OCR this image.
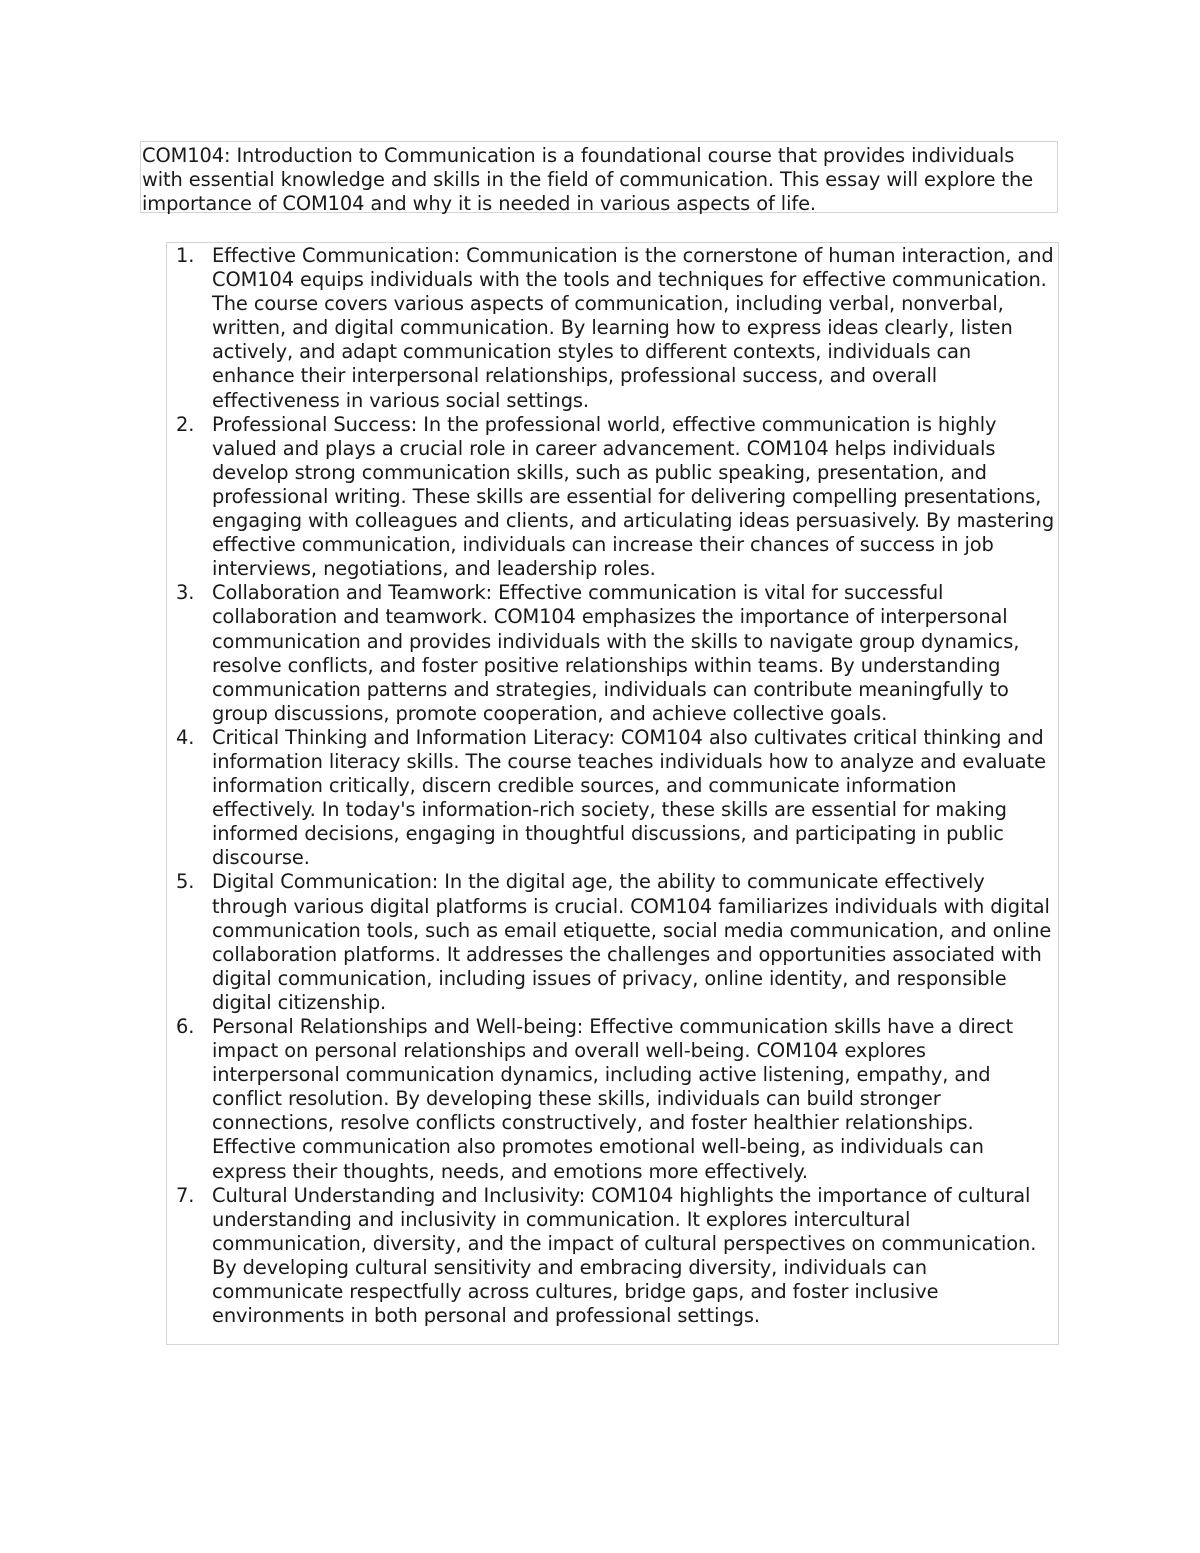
COM104: Introduction to Communication is a foundational course that provides individuals with essential knowledge and skills in the field of communication. This essay will explore the importance of COM104 and why it is needed in various aspects of life.
1. Effective Communication: Communication is the cornerstone of human interaction, and COM104 equips individuals with the tools and techniques for effective communication. The course covers various aspects of communication, including verbal, nonverbal, written, and digital communication. By learning how to express ideas clearly, listen actively, and adapt communication styles to different contexts, individuals can enhance their interpersonal relationships, professional success, and overall effectiveness in various social settings.
2. Professional Success: In the professional world, effective communication is highly valued and plays a crucial role in career advancement. COM104 helps individuals develop strong communication skills, such as public speaking, presentation, and professional writing. These skills are essential for delivering compelling presentations, engaging with colleagues and clients, and articulating ideas persuasively. By mastering effective communication, individuals can increase their chances of success in job interviews, negotiations, and leadership roles.
3. Collaboration and Teamwork: Effective communication is vital for successful collaboration and teamwork. COM104 emphasizes the importance of interpersonal communication and provides individuals with the skills to navigate group dynamics, resolve conflicts, and foster positive relationships within teams. By understanding communication patterns and strategies, individuals can contribute meaningfully to group discussions, promote cooperation, and achieve collective goals.
4. Critical Thinking and Information Literacy: COM104 also cultivates critical thinking and information literacy skills. The course teaches individuals how to analyze and evaluate information critically, discern credible sources, and communicate information effectively. In today's information-rich society, these skills are essential for making informed decisions, engaging in thoughtful discussions, and participating in public discourse.
5. Digital Communication: In the digital age, the ability to communicate effectively through various digital platforms is crucial. COM104 familiarizes individuals with digital communication tools, such as email etiquette, social media communication, and online collaboration platforms. It addresses the challenges and opportunities associated with digital communication, including issues of privacy, online identity, and responsible digital citizenship.
6. Personal Relationships and Well-being: Effective communication skills have a direct impact on personal relationships and overall well-being. COM104 explores interpersonal communication dynamics, including active listening, empathy, and conflict resolution. By developing these skills, individuals can build stronger connections, resolve conflicts constructively, and foster healthier relationships. Effective communication also promotes emotional well-being, as individuals can express their thoughts, needs, and emotions more effectively.
7. Cultural Understanding and Inclusivity: COM104 highlights the importance of cultural understanding and inclusivity in communication. It explores intercultural communication, diversity, and the impact of cultural perspectives on communication. By developing cultural sensitivity and embracing diversity, individuals can communicate respectfully across cultures, bridge gaps, and foster inclusive environments in both personal and professional settings.
